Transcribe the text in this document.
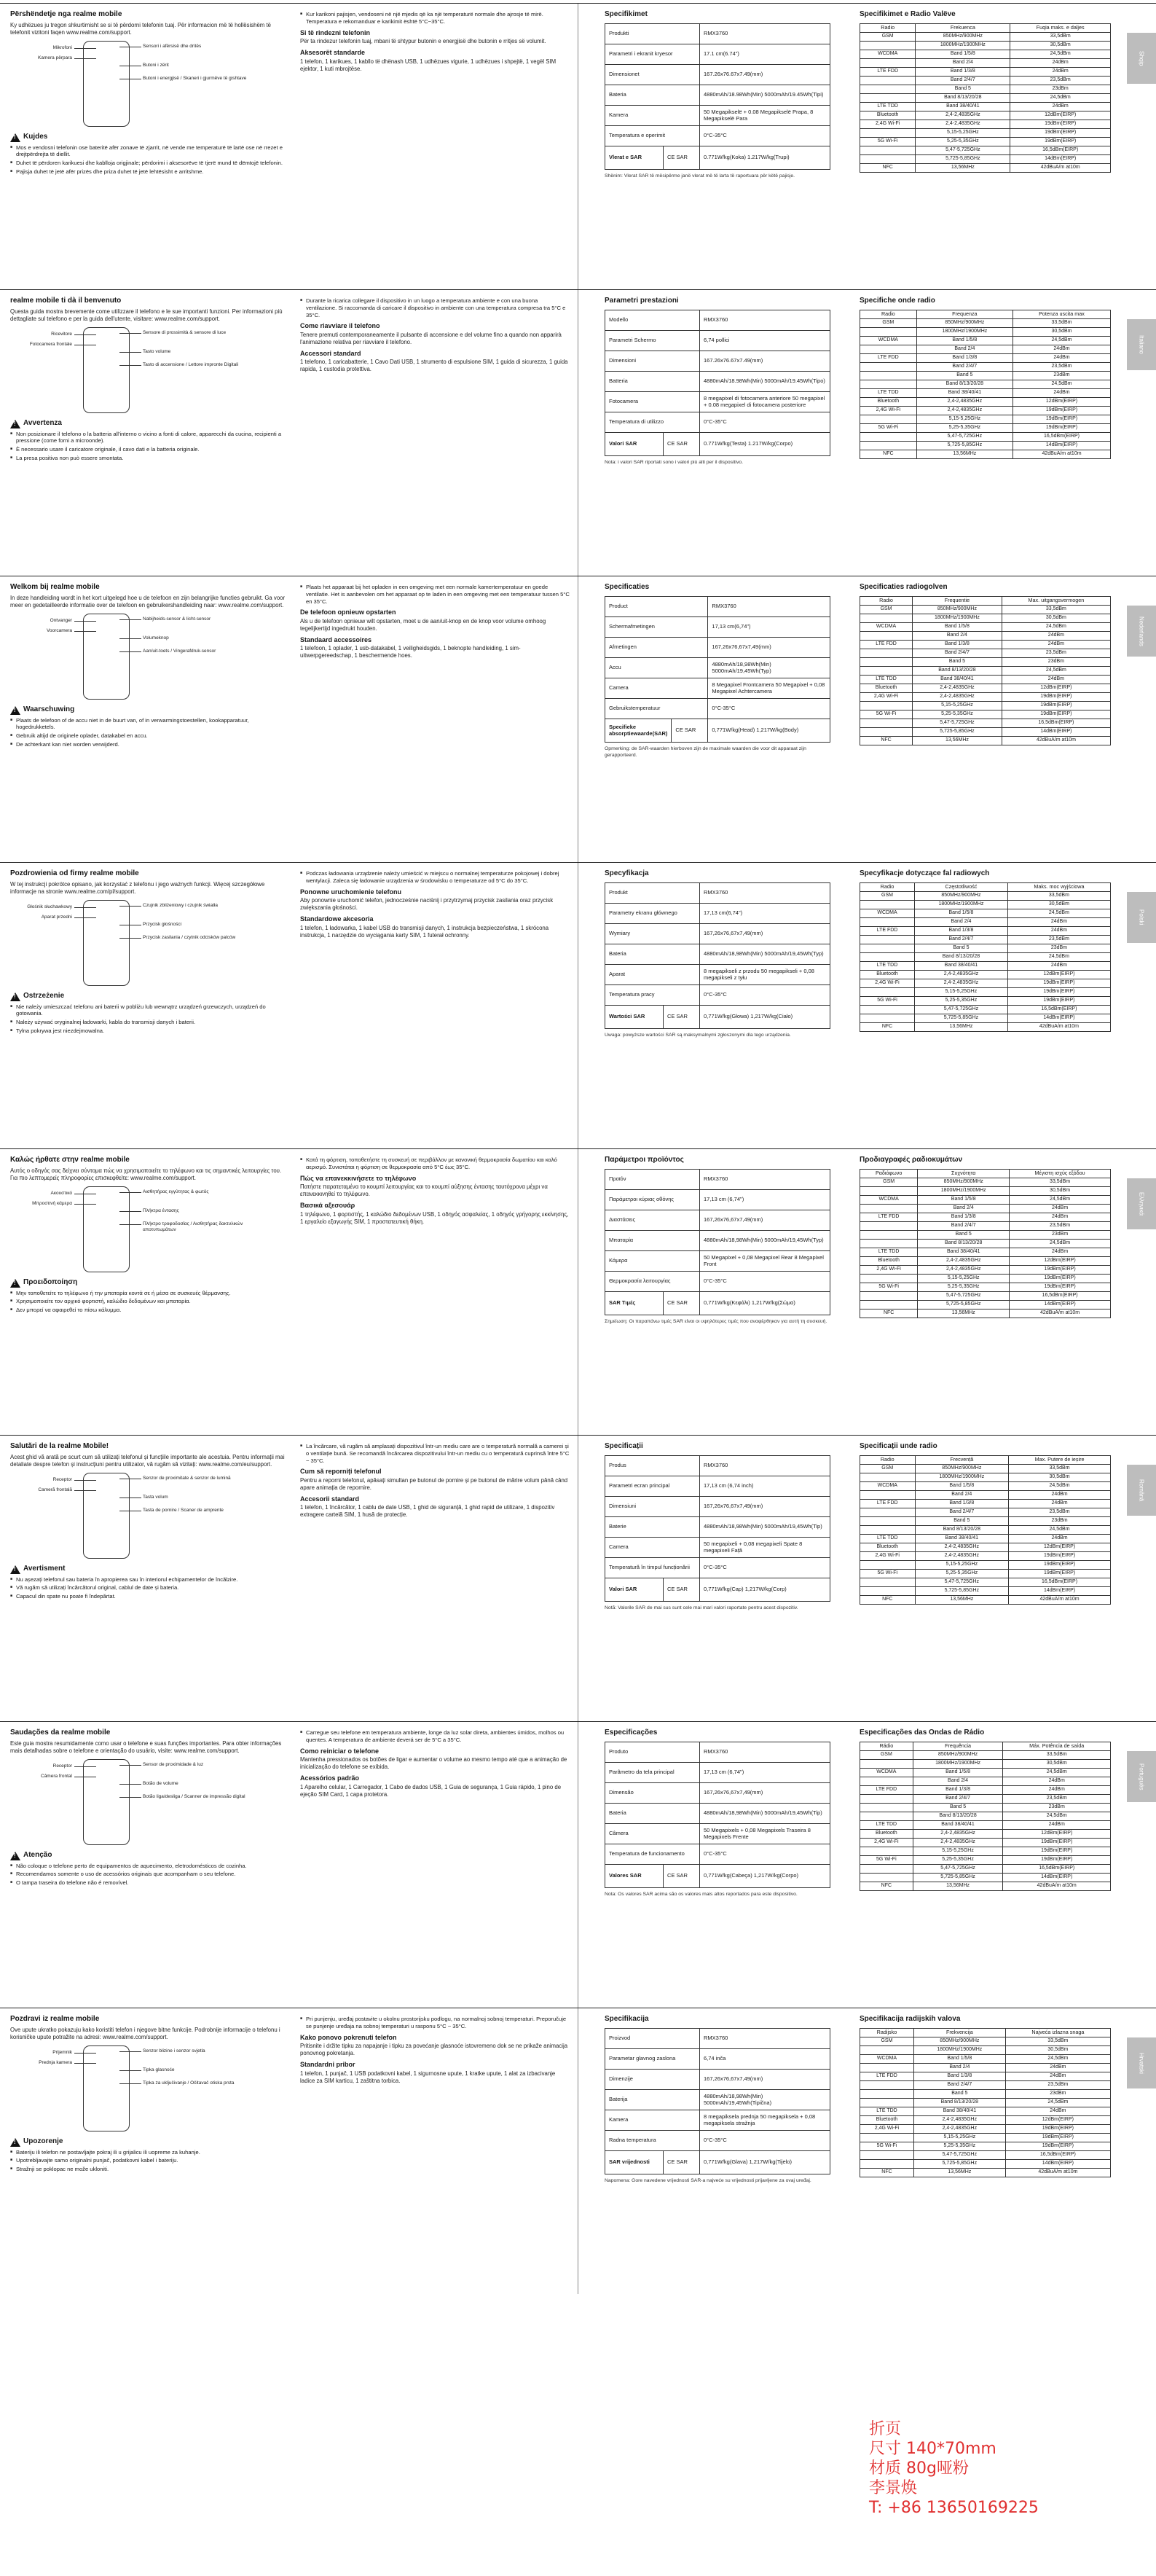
Përshëndetje nga realme mobile

Ky udhëzues ju tregon shkurtimisht se si të përdorni telefonin tuaj. Për informacion më të hollësishëm të telefonit vizitoni faqen www.realme.com/support.

Mikrofoni
Kamera përpara
Sensori i afërsisë dhe dritës
Butoni i zërit
Butoni i energjisë / Skaneri i gjurmëve të gishtave
!
Kujdes
■ Mos e vendosni telefonin ose bateritë afër zonave të zjarrit, në vende me temperaturë të lartë ose në rrezet e drejtpërdrejta të diellit.
■ Duhet të përdoren karikuesi dhe kablloja origjinale; përdorimi i aksesorëve të tjerë mund të dëmtojë telefonin.
■ Pajisja duhet të jetë afër prizës dhe priza duhet të jetë lehtësisht e arritshme.
■ Kur karikoni pajisjen, vendoseni në një mjedis që ka një temperaturë normale dhe ajrosje të mirë. Temperatura e rekomanduar e karikimit është 5°C~35°C.
Si të rindezni telefonin

Për ta rindezur telefonin tuaj, mbani të shtypur butonin e energjisë dhe butonin e rritjes së volumit.

Aksesorët standarde

1 telefon, 1 karikues, 1 kabllo të dhënash USB, 1 udhëzues vigurie, 1 udhëzues i shpejtë, 1 vegël SIM ejektor, 1 kuti mbrojtëse.

Specifikimet
Produkti		RMX3760
Parametri i ekranit kryesor		17.1 cm(6.74")
Dimensionet		167.26x76.67x7.49(mm)
Bateria		4880mAh/18.98Wh(Min) 5000mAh/19.45Wh(Tipi)
Kamera		50 Megapikselë + 0.08 Megapikselë Prapa, 8 Megapikselë Para
Temperatura e operimit		0°C-35°C
Vlerat e SAR	CE SAR	0.771W/kg(Koka) 1.217W/kg(Trupi)
Shënim: Vlerat SAR të mësipërme janë vlerat më të larta të raportuara për këtë pajisje.
Specifikimet e Radio Valëve
Radio	Frekuenca	Fuqia maks. e daljes
GSM	850MHz/900MHz	33,5dBm
	1800MHz/1900MHz	30,5dBm
WCDMA	Band 1/5/8	24,5dBm
	Band 2/4	24dBm
LTE FDD	Band 1/3/8	24dBm
	Band 2/4/7	23,5dBm
	Band 5	23dBm
	Band 8/13/20/28	24,5dBm
LTE TDD	Band 38/40/41	24dBm
Bluetooth	2,4-2,4835GHz	12dBm(EIRP)
2,4G Wi-Fi	2,4-2,4835GHz	19dBm(EIRP)
	5,15-5,25GHz	19dBm(EIRP)
5G Wi-Fi	5,25-5,35GHz	19dBm(EIRP)
	5,47-5,725GHz	16,5dBm(EIRP)
	5,725-5,85GHz	14dBm(EIRP)
NFC	13,56MHz	42dBuA/m at10m
Shqip
realme mobile ti dà il benvenuto

Questa guida mostra brevemente come utilizzare il telefono e le sue importanti funzioni. Per informazioni più dettagliate sul telefono e per la guida dell'utente, visitare: www.realme.com/support.

Ricevitore
Fotocamera frontale
Sensore di prossimità & sensore di luce
Tasto volume
Tasto di accensione / Lettore impronte Digitali
!
Avvertenza
■ Non posizionare il telefono o la batteria all'interno o vicino a fonti di calore, apparecchi da cucina, recipienti a pressione (come forni a microonde).
■ È necessario usare il caricatore originale, il cavo dati e la batteria originale.
■ La presa positiva non può essere smontata.
■ Durante la ricarica collegare il dispositivo in un luogo a temperatura ambiente e con una buona ventilazione. Si raccomanda di caricare il dispositivo in ambiente con una temperatura compresa tra 5°C e 35°C.
Come riavviare il telefono

Tenere premuti contemporaneamente il pulsante di accensione e del volume fino a quando non apparirà l'animazione relativa per riavviare il telefono.

Accessori standard

1 telefono, 1 caricabatterie, 1 Cavo Dati USB, 1 strumento di espulsione SIM, 1 guida di sicurezza, 1 guida rapida, 1 custodia protettiva.

Parametri prestazioni
Modello		RMX3760
Parametri Schermo		6,74 pollici
Dimensioni		167.26x76.67x7.49(mm)
Batteria		4880mAh/18.98Wh(Min) 5000mAh/19.45Wh(Tipo)
Fotocamera		8 megapixel di fotocamera anteriore 50 megapixel + 0.08 megapixel di fotocamera posteriore
Temperatura di utilizzo		0°C-35°C
Valori SAR	CE SAR	0.771W/kg(Testa) 1.217W/kg(Corpo)
Nota: i valori SAR riportati sono i valori più alti per il dispositivo.
Specifiche onde radio
Radio	Frequenza	Potenza uscita max
GSM	850MHz/900MHz	33,5dBm
	1800MHz/1900MHz	30,5dBm
WCDMA	Band 1/5/8	24,5dBm
	Band 2/4	24dBm
LTE FDD	Band 1/3/8	24dBm
	Band 2/4/7	23,5dBm
	Band 5	23dBm
	Band 8/13/20/28	24,5dBm
LTE TDD	Band 38/40/41	24dBm
Bluetooth	2,4-2,4835GHz	12dBm(EIRP)
2,4G Wi-Fi	2,4-2,4835GHz	19dBm(EIRP)
	5,15-5,25GHz	19dBm(EIRP)
5G Wi-Fi	5,25-5,35GHz	19dBm(EIRP)
	5,47-5,725GHz	16,5dBm(EIRP)
	5,725-5,85GHz	14dBm(EIRP)
NFC	13,56MHz	42dBuA/m at10m
Italiano
Welkom bij realme mobile

In deze handleiding wordt in het kort uitgelegd hoe u de telefoon en zijn belangrijke functies gebruikt. Ga voor meer en gedetailleerde informatie over de telefoon en gebruikershandleiding naar: www.realme.com/support.

Ontvanger
Voorcamera
Nabijheids-sensor & licht-sensor
Volumeknop
Aan/uit-toets / Vingerafdruk-sensor
!
Waarschuwing
■ Plaats de telefoon of de accu niet in de buurt van, of in verwarmingstoestellen, kookapparatuur, hogedrukketels.
■ Gebruik altijd de originele oplader, datakabel en accu.
■ De achterkant kan niet worden verwijderd.
■ Plaats het apparaat bij het opladen in een omgeving met een normale kamertemperatuur en goede ventilatie. Het is aanbevolen om het apparaat op te laden in een omgeving met een temperatuur tussen 5°C en 35°C.
De telefoon opnieuw opstarten

Als u de telefoon opnieuw wilt opstarten, moet u de aan/uit-knop en de knop voor volume omhoog tegelijkertijd ingedrukt houden.

Standaard accessoires

1 telefoon, 1 oplader, 1 usb-datakabel, 1 veiligheidsgids, 1 beknopte handleiding, 1 sim-uitwerpgereedschap, 1 beschermende hoes.

Specificaties
Product		RMX3760
Schermafmetingen		17,13 cm(6,74")
Afmetingen		167,26x76,67x7,49(mm)
Accu		4880mAh/18,98Wh(Min) 5000mAh/19,45Wh(Typ)
Camera		8 Megapixel Frontcamera 50 Megapixel + 0,08 Megapixel Achtercamera
Gebruikstemperatuur		0°C-35°C
Specifieke absorptiewaarde(SAR)	CE SAR	0,771W/kg(Head) 1,217W/kg(Body)
Opmerking: de SAR-waarden hierboven zijn de maximale waarden die voor dit apparaat zijn gerapporteerd.
Specificaties radiogolven
Radio	Frequentie	Max. uitgangsvermogen
GSM	850MHz/900MHz	33,5dBm
	1800MHz/1900MHz	30,5dBm
WCDMA	Band 1/5/8	24,5dBm
	Band 2/4	24dBm
LTE FDD	Band 1/3/8	24dBm
	Band 2/4/7	23,5dBm
	Band 5	23dBm
	Band 8/13/20/28	24,5dBm
LTE TDD	Band 38/40/41	24dBm
Bluetooth	2,4-2,4835GHz	12dBm(EIRP)
2,4G Wi-Fi	2,4-2,4835GHz	19dBm(EIRP)
	5,15-5,25GHz	19dBm(EIRP)
5G Wi-Fi	5,25-5,35GHz	19dBm(EIRP)
	5,47-5,725GHz	16,5dBm(EIRP)
	5,725-5,85GHz	14dBm(EIRP)
NFC	13,56MHz	42dBuA/m at10m
Nederlands
Pozdrowienia od firmy realme mobile

W tej instrukcji pokrótce opisano, jak korzystać z telefonu i jego ważnych funkcji. Więcej szczegółowe informacje na stronie www.realme.com/pl/support.

Głośnik słuchawkowy
Aparat przedni
Czujnik zbliżeniowy i czujnik światła
Przycisk głośności
Przycisk zasilania / czytnik odcisków palców
!
Ostrzeżenie
■ Nie należy umieszczać telefonu ani baterii w pobliżu lub wewnątrz urządzeń grzewczych, urządzeń do gotowania.
■ Należy używać oryginalnej ładowarki, kabla do transmisji danych i baterii.
■ Tylna pokrywa jest niezdejmowalna.
■ Podczas ładowania urządzenie należy umieścić w miejscu o normalnej temperaturze pokojowej i dobrej wentylacji. Zaleca się ładowanie urządzenia w środowisku o temperaturze od 5°C do 35°C.
Ponowne uruchomienie telefonu

Aby ponownie uruchomić telefon, jednocześnie naciśnij i przytrzymaj przycisk zasilania oraz przycisk zwiększania głośności.

Standardowe akcesoria

1 telefon, 1 ładowarka, 1 kabel USB do transmisji danych, 1 instrukcja bezpieczeństwa, 1 skrócona instrukcja, 1 narzędzie do wyciągania karty SIM, 1 futerał ochronny.

Specyfikacja
Produkt		RMX3760
Parametry ekranu głównego		17,13 cm(6,74")
Wymiary		167,26x76,67x7,49(mm)
Bateria		4880mAh/18,98Wh(Min) 5000mAh/19,45Wh(Typ)
Aparat		8 megapikseli z przodu 50 megapikseli + 0,08 megapikseli z tyłu
Temperatura pracy		0°C-35°C
Wartości SAR	CE SAR	0,771W/kg(Głowa) 1,217W/kg(Ciało)
Uwaga: powyższe wartości SAR są maksymalnymi zgłoszonymi dla tego urządzenia.
Specyfikacje dotyczące fal radiowych
Radio	Częstotliwość	Maks. moc wyjściowa
GSM	850MHz/900MHz	33,5dBm
	1800MHz/1900MHz	30,5dBm
WCDMA	Band 1/5/8	24,5dBm
	Band 2/4	24dBm
LTE FDD	Band 1/3/8	24dBm
	Band 2/4/7	23,5dBm
	Band 5	23dBm
	Band 8/13/20/28	24,5dBm
LTE TDD	Band 38/40/41	24dBm
Bluetooth	2,4-2,4835GHz	12dBm(EIRP)
2,4G Wi-Fi	2,4-2,4835GHz	19dBm(EIRP)
	5,15-5,25GHz	19dBm(EIRP)
5G Wi-Fi	5,25-5,35GHz	19dBm(EIRP)
	5,47-5,725GHz	16,5dBm(EIRP)
	5,725-5,85GHz	14dBm(EIRP)
NFC	13,56MHz	42dBuA/m at10m
Polski
Καλώς ήρθατε στην realme mobile

Αυτός ο οδηγός σας δείχνει σύντομα πώς να χρησιμοποιείτε το τηλέφωνο και τις σημαντικές λειτουργίες του. Για πιο λεπτομερείς πληροφορίες επισκεφθείτε: www.realme.com/support.

Ακουστικό
Μπροστινή κάμερα
Αισθητήρας εγγύτητας & φωτός
Πλήκτρα έντασης
Πλήκτρο τροφοδοσίας / Αισθητήρας δακτυλικών αποτυπωμάτων
!
Προειδοποίηση
■ Μην τοποθετείτε το τηλέφωνο ή την μπαταρία κοντά σε ή μέσα σε συσκευές θέρμανσης.
■ Χρησιμοποιείτε τον αρχικό φορτιστή, καλώδιο δεδομένων και μπαταρία.
■ Δεν μπορεί να αφαιρεθεί το πίσω κάλυμμα.
■ Κατά τη φόρτιση, τοποθετήστε τη συσκευή σε περιβάλλον με κανονική θερμοκρασία δωματίου και καλό αερισμό. Συνιστάται η φόρτιση σε θερμοκρασία από 5°C έως 35°C.
Πώς να επανεκκινήσετε το τηλέφωνο

Πατήστε παρατεταμένα το κουμπί λειτουργίας και το κουμπί αύξησης έντασης ταυτόχρονα μέχρι να επανεκκινηθεί το τηλέφωνο.

Βασικά αξεσουάρ

1 τηλέφωνο, 1 φορτιστής, 1 καλώδιο δεδομένων USB, 1 οδηγός ασφαλείας, 1 οδηγός γρήγορης εκκίνησης, 1 εργαλείο εξαγωγής SIM, 1 προστατευτική θήκη.

Παράμετροι προϊόντος
Προϊόν		RMX3760
Παράμετροι κύριας οθόνης		17,13 cm (6,74")
Διαστάσεις		167,26x76,67x7,49(mm)
Μπαταρία		4880mAh/18,98Wh(Min) 5000mAh/19,45Wh(Typ)
Κάμερα		50 Megapixel + 0,08 Megapixel Rear 8 Megapixel Front
Θερμοκρασία λειτουργίας		0°C-35°C
SAR Τιμές	CE SAR	0,771W/kg(Κεφάλι) 1,217W/kg(Σώμα)
Σημείωση: Οι παραπάνω τιμές SAR είναι οι υψηλότερες τιμές που αναφέρθηκαν για αυτή τη συσκευή.
Προδιαγραφές ραδιοκυμάτων
Ραδιόφωνο	Συχνότητα	Μέγιστη ισχύς εξόδου
GSM	850MHz/900MHz	33,5dBm
	1800MHz/1900MHz	30,5dBm
WCDMA	Band 1/5/8	24,5dBm
	Band 2/4	24dBm
LTE FDD	Band 1/3/8	24dBm
	Band 2/4/7	23,5dBm
	Band 5	23dBm
	Band 8/13/20/28	24,5dBm
LTE TDD	Band 38/40/41	24dBm
Bluetooth	2,4-2,4835GHz	12dBm(EIRP)
2,4G Wi-Fi	2,4-2,4835GHz	19dBm(EIRP)
	5,15-5,25GHz	19dBm(EIRP)
5G Wi-Fi	5,25-5,35GHz	19dBm(EIRP)
	5,47-5,725GHz	16,5dBm(EIRP)
	5,725-5,85GHz	14dBm(EIRP)
NFC	13,56MHz	42dBuA/m at10m
Ελληνικά
Salutări de la realme Mobile!

Acest ghid vă arată pe scurt cum să utilizați telefonul și funcțiile importante ale acestuia. Pentru informații mai detaliate despre telefon și instrucțiuni pentru utilizator, vă rugăm să vizitați: www.realme.com/eu/support.

Receptor
Cameră frontală
Senzor de proximitate & senzor de lumină
Tasta volum
Tasta de pornire / Scaner de amprente
!
Avertisment
■ Nu așezați telefonul sau bateria în apropierea sau în interiorul echipamentelor de încălzire.
■ Vă rugăm să utilizați încărcătorul original, cablul de date și bateria.
■ Capacul din spate nu poate fi îndepărtat.
■ La încărcare, vă rugăm să amplasați dispozitivul într-un mediu care are o temperatură normală a camerei și o ventilație bună. Se recomandă încărcarea dispozitivului într-un mediu cu o temperatură cuprinsă între 5°C ~ 35°C.
Cum să reporniți telefonul

Pentru a reporni telefonul, apăsați simultan pe butonul de pornire și pe butonul de mărire volum până când apare animația de repornire.

Accesorii standard

1 telefon, 1 încărcător, 1 cablu de date USB, 1 ghid de siguranță, 1 ghid rapid de utilizare, 1 dispozitiv extragere cartelă SIM, 1 husă de protecție.

Specificații
Produs		RMX3760
Parametri ecran principal		17,13 cm (6,74 inch)
Dimensiuni		167,26x76,67x7,49(mm)
Baterie		4880mAh/18,98Wh(Min) 5000mAh/19,45Wh(Tip)
Camera		50 megapixeli + 0,08 megapixeli Spate 8 megapixeli Față
Temperatură în timpul funcționării		0°C-35°C
Valori SAR	CE SAR	0,771W/kg(Cap) 1,217W/kg(Corp)
Notă: Valorile SAR de mai sus sunt cele mai mari valori raportate pentru acest dispozitiv.
Specificații unde radio
Radio	Frecvență	Max. Putere de ieșire
GSM	850MHz/900MHz	33,5dBm
	1800MHz/1900MHz	30,5dBm
WCDMA	Band 1/5/8	24,5dBm
	Band 2/4	24dBm
LTE FDD	Band 1/3/8	24dBm
	Band 2/4/7	23,5dBm
	Band 5	23dBm
	Band 8/13/20/28	24,5dBm
LTE TDD	Band 38/40/41	24dBm
Bluetooth	2,4-2,4835GHz	12dBm(EIRP)
2,4G Wi-Fi	2,4-2,4835GHz	19dBm(EIRP)
	5,15-5,25GHz	19dBm(EIRP)
5G Wi-Fi	5,25-5,35GHz	19dBm(EIRP)
	5,47-5,725GHz	16,5dBm(EIRP)
	5,725-5,85GHz	14dBm(EIRP)
NFC	13,56MHz	42dBuA/m at10m
Română
Saudações da realme mobile

Este guia mostra resumidamente como usar o telefone e suas funções importantes. Para obter informações mais detalhadas sobre o telefone e orientação do usuário, visite: www.realme.com/support.

Receptor
Câmera frontal
Sensor de proximidade & luz
Botão de volume
Botão liga/desliga / Scanner de impressão digital
!
Atenção
■ Não coloque o telefone perto de equipamentos de aquecimento, eletrodomésticos de cozinha.
■ Recomendamos somente o uso de acessórios originais que acompanham o seu telefone.
■ O tampa traseira do telefone não é removível.
■ Carregue seu telefone em temperatura ambiente, longe da luz solar direta, ambientes úmidos, molhos ou quentes. A temperatura de ambiente deverá ser de 5°C a 35°C.
Como reiniciar o telefone

Mantenha pressionados os botões de ligar e aumentar o volume ao mesmo tempo até que a animação de inicialização do telefone se exibida.

Acessórios padrão

1 Aparelho celular, 1 Carregador, 1 Cabo de dados USB, 1 Guia de segurança, 1 Guia rápido, 1 pino de ejeção SIM Card, 1 capa protetora.

Especificações
Produto		RMX3760
Parâmetro da tela principal		17,13 cm (6,74")
Dimensão		167,26x76,67x7,49(mm)
Bateria		4880mAh/18,98Wh(Min) 5000mAh/19,45Wh(Tip)
Câmera		50 Megapixels + 0,08 Megapixels Traseira 8 Megapixels Frente
Temperatura de funcionamento		0°C-35°C
Valores SAR	CE SAR	0,771W/kg(Cabeça) 1,217W/kg(Corpo)
Nota: Os valores SAR acima são os valores mais altos reportados para este dispositivo.
Especificações das Ondas de Rádio
Rádio	Frequência	Máx. Potência de saída
GSM	850MHz/900MHz	33,5dBm
	1800MHz/1900MHz	30,5dBm
WCDMA	Band 1/5/8	24,5dBm
	Band 2/4	24dBm
LTE FDD	Band 1/3/8	24dBm
	Band 2/4/7	23,5dBm
	Band 5	23dBm
	Band 8/13/20/28	24,5dBm
LTE TDD	Band 38/40/41	24dBm
Bluetooth	2,4-2,4835GHz	12dBm(EIRP)
2,4G Wi-Fi	2,4-2,4835GHz	19dBm(EIRP)
	5,15-5,25GHz	19dBm(EIRP)
5G Wi-Fi	5,25-5,35GHz	19dBm(EIRP)
	5,47-5,725GHz	16,5dBm(EIRP)
	5,725-5,85GHz	14dBm(EIRP)
NFC	13,56MHz	42dBuA/m at10m
Português
Pozdravi iz realme mobile

Ove upute ukratko pokazuju kako koristiti telefon i njegove bitne funkcije. Podrobnije informacije o telefonu i korisničke upute potražite na adresi: www.realme.com/support.

Prijemnik
Prednja kamera
Senzor blizine i senzor svjetla
Tipka glasnoće
Tipka za uključivanje / Očitavač otiska prsta
!
Upozorenje
■ Bateriju ili telefon ne postavljajte pokraj ili u grijalicu ili uopreme za kuhanje.
■ Upotrebljavajte samo originalni punjač, podatkovni kabel i bateriju.
■ Stražnji se poklopac ne može ukloniti.
■ Pri punjenju, uređaj postavite u okolnu prostorijsku podlogu, na normalnoj sobnoj temperaturi. Preporučuje se punjenje uređaja na sobnoj temperaturi u rasponu 5°C ~ 35°C.
Kako ponovo pokrenuti telefon

Pritisnite i držite tipku za napajanje i tipku za povećanje glasnoće istovremeno dok se ne prikaže animacija ponovnog pokretanja.

Standardni pribor

1 telefon, 1 punjač, 1 USB podatkovni kabel, 1 sigurnosne upute, 1 kratke upute, 1 alat za izbacivanje ladice za SIM karticu, 1 zaštitna torbica.

Specifikacija
Proizvod		RMX3760
Parametar glavnog zaslona		6,74 inča
Dimenzije		167,26x76,67x7,49(mm)
Baterija		4880mAh/18,98Wh(Min) 5000mAh/19,45Wh(Tipična)
Kamera		8 megapiksela prednja 50 megapiksela + 0,08 megapiksela stražnja
Radna temperatura		0°C-35°C
SAR vrijednosti	CE SAR	0,771W/kg(Glava) 1,217W/kg(Tijelo)
Napomena: Gore navedene vrijednosti SAR-a najveće su vrijednosti prijavljene za ovaj uređaj.
Specifikacija radijskih valova
Radijsko	Frekvencija	Najveća izlazna snaga
GSM	850MHz/900MHz	33,5dBm
	1800MHz/1900MHz	30,5dBm
WCDMA	Band 1/5/8	24,5dBm
	Band 2/4	24dBm
LTE FDD	Band 1/3/8	24dBm
	Band 2/4/7	23,5dBm
	Band 5	23dBm
	Band 8/13/20/28	24,5dBm
LTE TDD	Band 38/40/41	24dBm
Bluetooth	2,4-2,4835GHz	12dBm(EIRP)
2,4G Wi-Fi	2,4-2,4835GHz	19dBm(EIRP)
	5,15-5,25GHz	19dBm(EIRP)
5G Wi-Fi	5,25-5,35GHz	19dBm(EIRP)
	5,47-5,725GHz	16,5dBm(EIRP)
	5,725-5,85GHz	14dBm(EIRP)
NFC	13,56MHz	42dBuA/m at10m
Hrvatski
折页
尺寸 140*70mm
材质 80g哑粉
李景焕
T: +86 13650169225
